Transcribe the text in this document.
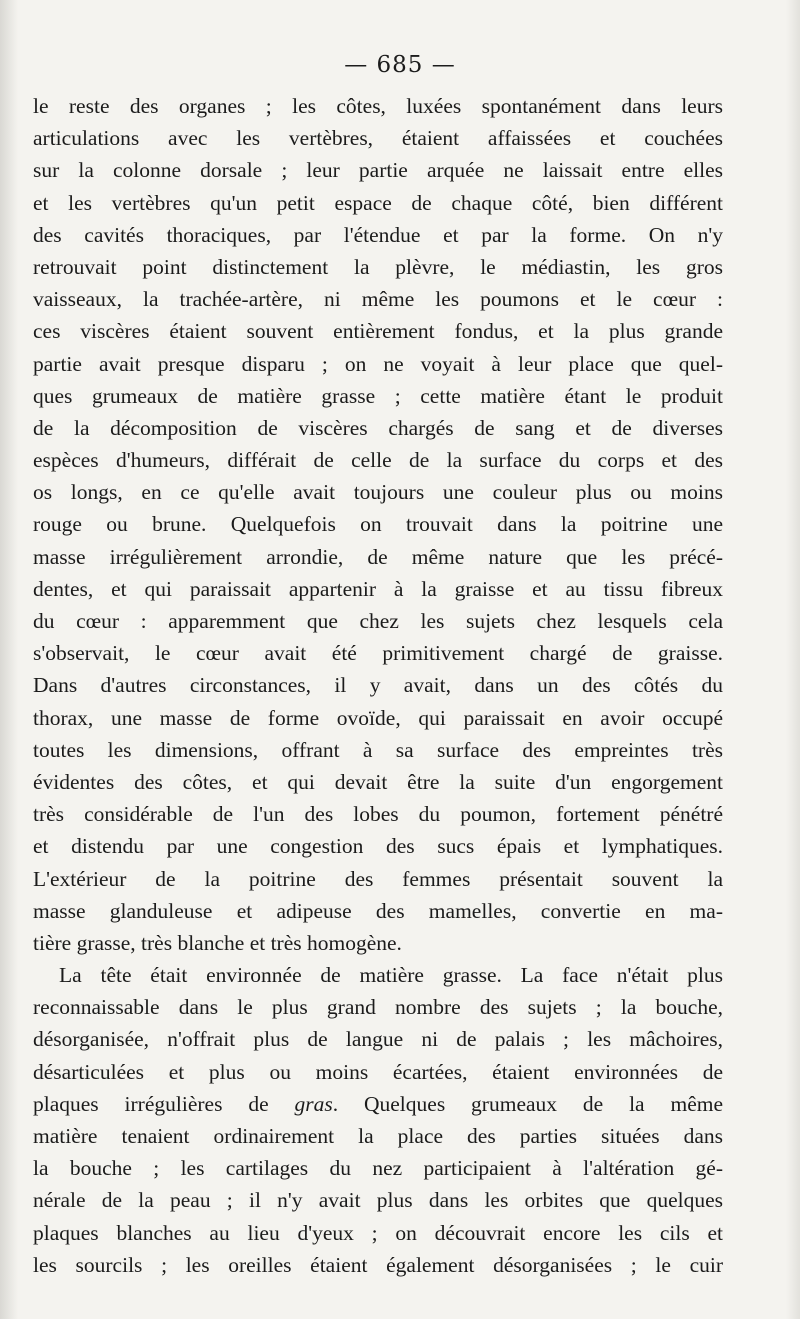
— 685 —
le reste des organes ; les côtes, luxées spontanément dans leurs
articulations avec les vertèbres, étaient affaissées et couchées
sur la colonne dorsale ; leur partie arquée ne laissait entre elles
et les vertèbres qu'un petit espace de chaque côté, bien différent
des cavités thoraciques, par l'étendue et par la forme. On n'y
retrouvait point distinctement la plèvre, le médiastin, les gros
vaisseaux, la trachée-artère, ni même les poumons et le cœur :
ces viscères étaient souvent entièrement fondus, et la plus grande
partie avait presque disparu ; on ne voyait à leur place que quel-
ques grumeaux de matière grasse ; cette matière étant le produit
de la décomposition de viscères chargés de sang et de diverses
espèces d'humeurs, différait de celle de la surface du corps et des
os longs, en ce qu'elle avait toujours une couleur plus ou moins
rouge ou brune. Quelquefois on trouvait dans la poitrine une
masse irrégulièrement arrondie, de même nature que les précé-
dentes, et qui paraissait appartenir à la graisse et au tissu fibreux
du cœur : apparemment que chez les sujets chez lesquels cela
s'observait, le cœur avait été primitivement chargé de graisse.
Dans d'autres circonstances, il y avait, dans un des côtés du
thorax, une masse de forme ovoïde, qui paraissait en avoir occupé
toutes les dimensions, offrant à sa surface des empreintes très
évidentes des côtes, et qui devait être la suite d'un engorgement
très considérable de l'un des lobes du poumon, fortement pénétré
et distendu par une congestion des sucs épais et lymphatiques.
L'extérieur de la poitrine des femmes présentait souvent la
masse glanduleuse et adipeuse des mamelles, convertie en ma-
tière grasse, très blanche et très homogène.
La tête était environnée de matière grasse. La face n'était plus
reconnaissable dans le plus grand nombre des sujets ; la bouche,
désorganisée, n'offrait plus de langue ni de palais ; les mâchoires,
désarticulées et plus ou moins écartées, étaient environnées de
plaques irrégulières de gras. Quelques grumeaux de la même
matière tenaient ordinairement la place des parties situées dans
la bouche ; les cartilages du nez participaient à l'altération gé-
nérale de la peau ; il n'y avait plus dans les orbites que quelques
plaques blanches au lieu d'yeux ; on découvrait encore les cils et
les sourcils ; les oreilles étaient également désorganisées ; le cuir
